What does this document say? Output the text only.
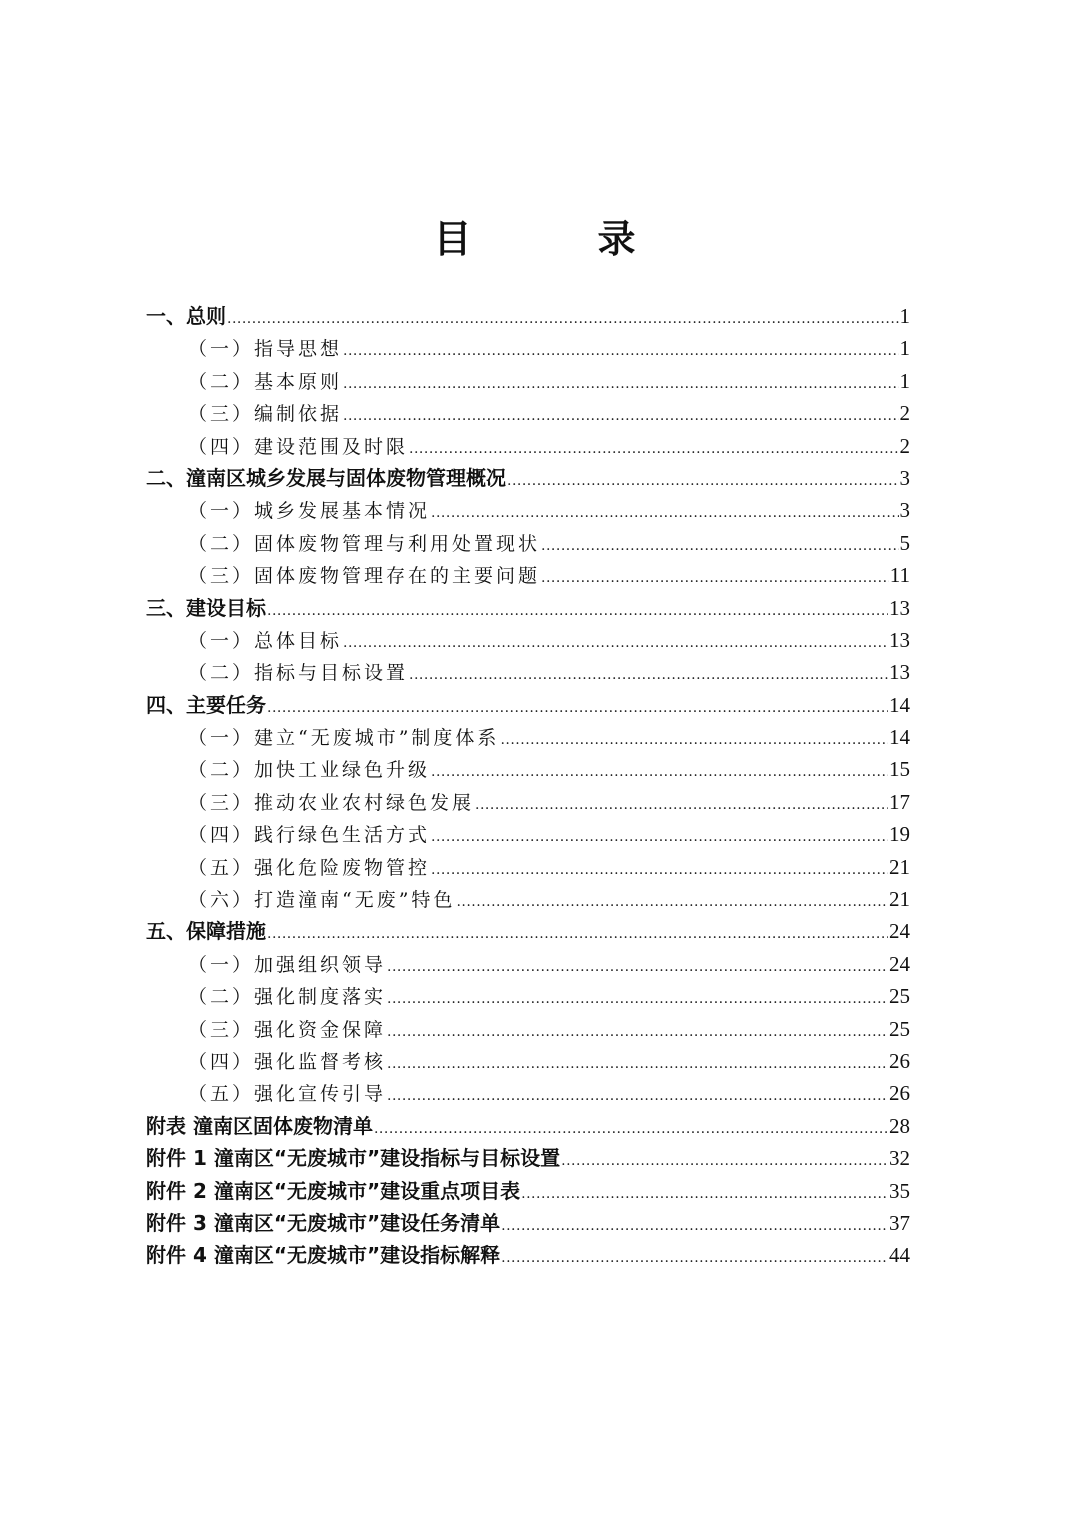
目　录
一、总则 .....	1
（一）指导思想 .....	1
（二）基本原则 .....	1
（三）编制依据 .....	2
（四）建设范围及时限 .....	2
二、潼南区城乡发展与固体废物管理概况 .....	3
（一）城乡发展基本情况 .....	3
（二）固体废物管理与利用处置现状 .....	5
（三）固体废物管理存在的主要问题 .....	11
三、建设目标 .....	13
（一）总体目标 .....	13
（二）指标与目标设置 .....	13
四、主要任务 .....	14
（一）建立“无废城市”制度体系 .....	14
（二）加快工业绿色升级 .....	15
（三）推动农业农村绿色发展 .....	17
（四）践行绿色生活方式 .....	19
（五）强化危险废物管控 .....	21
（六）打造潼南“无废”特色 .....	21
五、保障措施 .....	24
（一）加强组织领导 .....	24
（二）强化制度落实 .....	25
（三）强化资金保障 .....	25
（四）强化监督考核 .....	26
（五）强化宣传引导 .....	26
附表 潼南区固体废物清单 .....	28
附件 1 潼南区“无废城市”建设指标与目标设置 .....	32
附件 2 潼南区“无废城市”建设重点项目表 .....	35
附件 3 潼南区“无废城市”建设任务清单 .....	37
附件 4 潼南区“无废城市”建设指标解释 .....	44
